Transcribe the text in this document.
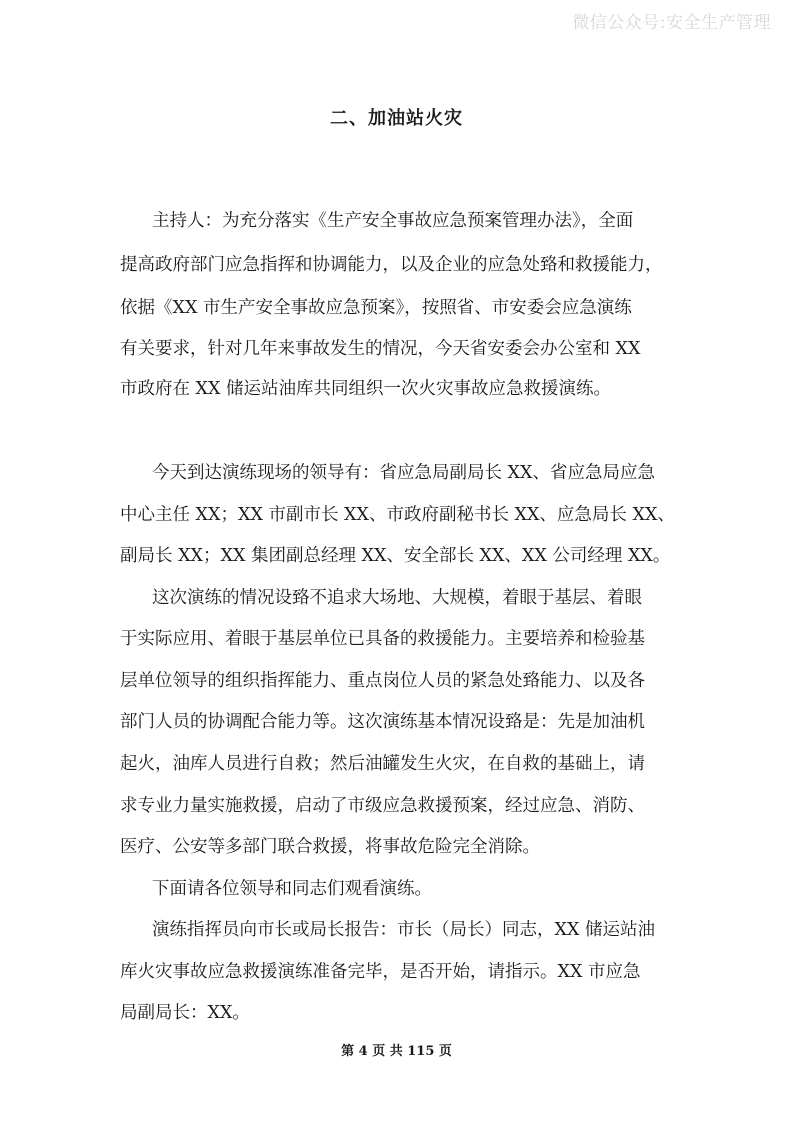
微信公众号:安全生产管理
二、加油站火灾
主持人：为充分落实《生产安全事故应急预案管理办法》，全面
提高政府部门应急指挥和协调能力，以及企业的应急处臵和救援能力，
依据《XX 市生产安全事故应急预案》，按照省、市安委会应急演练
有关要求，针对几年来事故发生的情况，今天省安委会办公室和 XX
市政府在 XX 储运站油库共同组织一次火灾事故应急救援演练。
今天到达演练现场的领导有：省应急局副局长 XX、省应急局应急
中心主任 XX；XX 市副市长 XX、市政府副秘书长 XX、应急局长 XX、
副局长 XX；XX 集团副总经理 XX、安全部长 XX、XX 公司经理 XX。
这次演练的情况设臵不追求大场地、大规模，着眼于基层、着眼
于实际应用、着眼于基层单位已具备的救援能力。主要培养和检验基
层单位领导的组织指挥能力、重点岗位人员的紧急处臵能力、以及各
部门人员的协调配合能力等。这次演练基本情况设臵是：先是加油机
起火，油库人员进行自救；然后油罐发生火灾，在自救的基础上，请
求专业力量实施救援，启动了市级应急救援预案，经过应急、消防、
医疗、公安等多部门联合救援，将事故危险完全消除。
下面请各位领导和同志们观看演练。
演练指挥员向市长或局长报告：市长（局长）同志，XX 储运站油
库火灾事故应急救援演练准备完毕，是否开始，请指示。XX 市应急
局副局长：XX。
第 4 页 共 115 页
